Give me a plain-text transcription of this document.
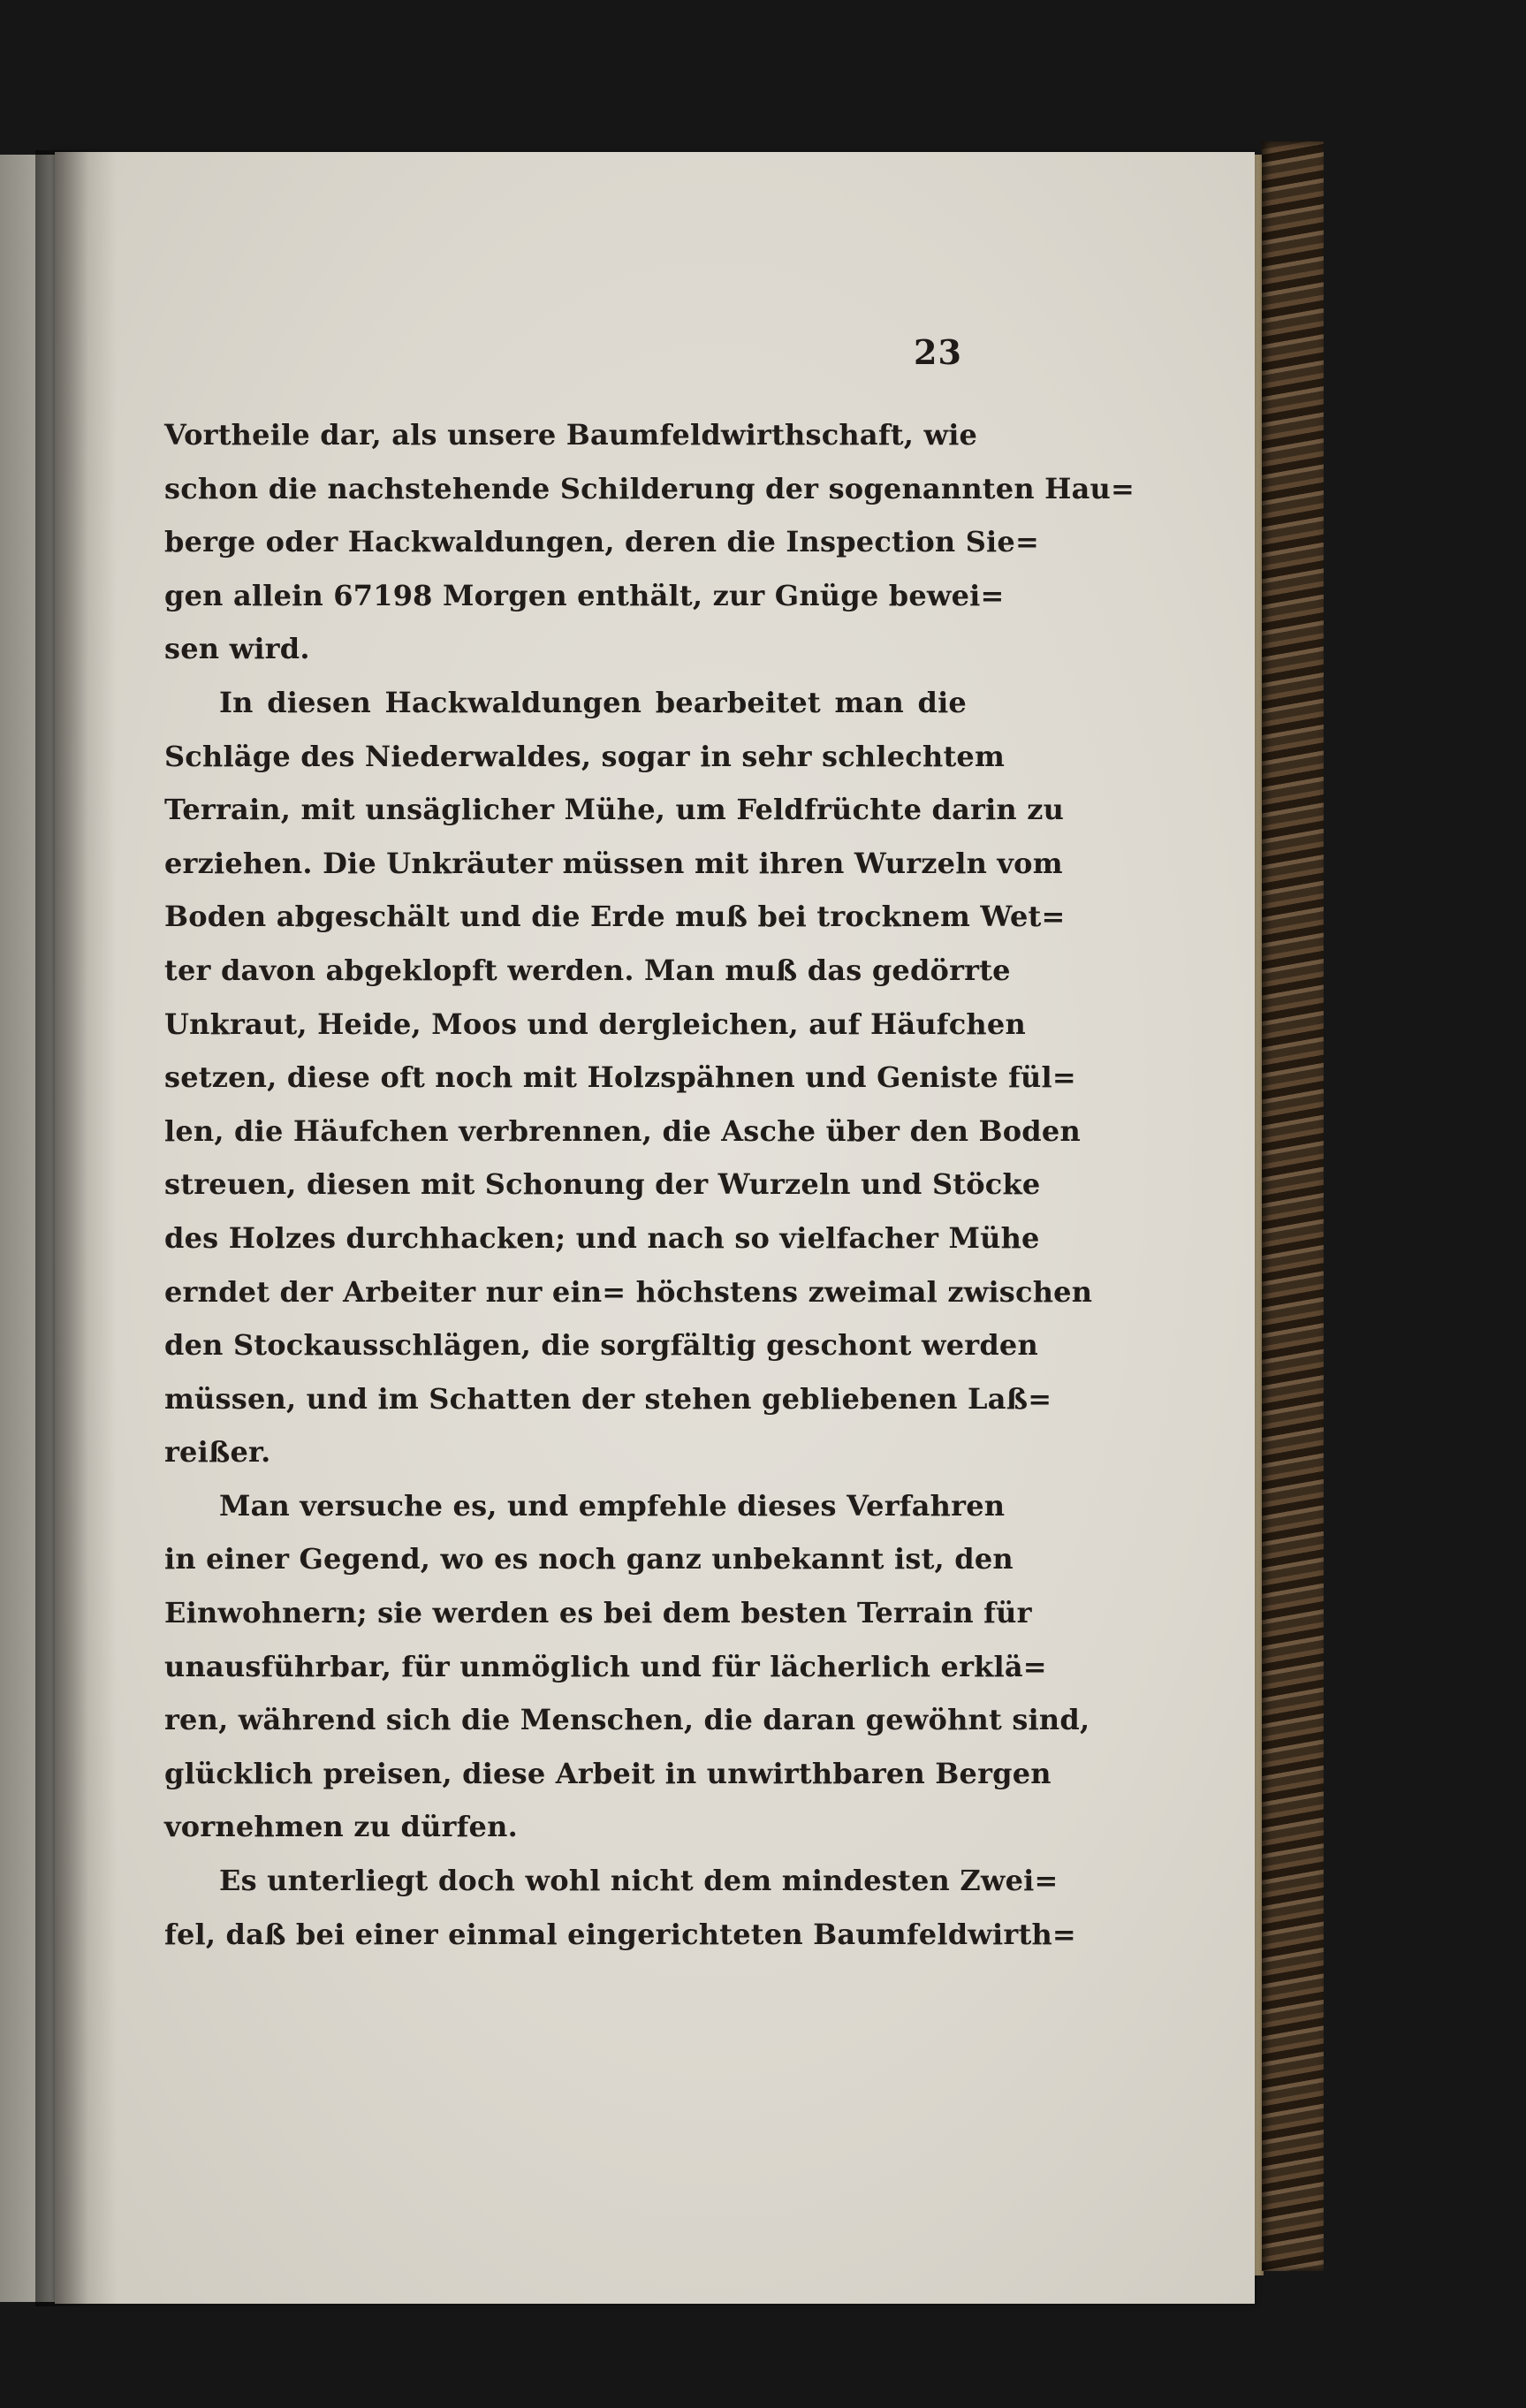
23
Vortheile dar, als unsere Baumfeldwirthschaft, wie
schon die nachstehende Schilderung der sogenannten Hau=
berge oder Hackwaldungen, deren die Inspection Sie=
gen allein 67198 Morgen enthält, zur Gnüge bewei=
sen wird.
In diesen Hackwaldungen bearbeitet man die
Schläge des Niederwaldes, sogar in sehr schlechtem
Terrain, mit unsäglicher Mühe, um Feldfrüchte darin zu
erziehen. Die Unkräuter müssen mit ihren Wurzeln vom
Boden abgeschält und die Erde muß bei trocknem Wet=
ter davon abgeklopft werden. Man muß das gedörrte
Unkraut, Heide, Moos und dergleichen, auf Häufchen
setzen, diese oft noch mit Holzspähnen und Geniste fül=
len, die Häufchen verbrennen, die Asche über den Boden
streuen, diesen mit Schonung der Wurzeln und Stöcke
des Holzes durchhacken; und nach so vielfacher Mühe
erndet der Arbeiter nur ein= höchstens zweimal zwischen
den Stockausschlägen, die sorgfältig geschont werden
müssen, und im Schatten der stehen gebliebenen Laß=
reißer.
Man versuche es, und empfehle dieses Verfahren
in einer Gegend, wo es noch ganz unbekannt ist, den
Einwohnern; sie werden es bei dem besten Terrain für
unausführbar, für unmöglich und für lächerlich erklä=
ren, während sich die Menschen, die daran gewöhnt sind,
glücklich preisen, diese Arbeit in unwirthbaren Bergen
vornehmen zu dürfen.
Es unterliegt doch wohl nicht dem mindesten Zwei=
fel, daß bei einer einmal eingerichteten Baumfeldwirth=
